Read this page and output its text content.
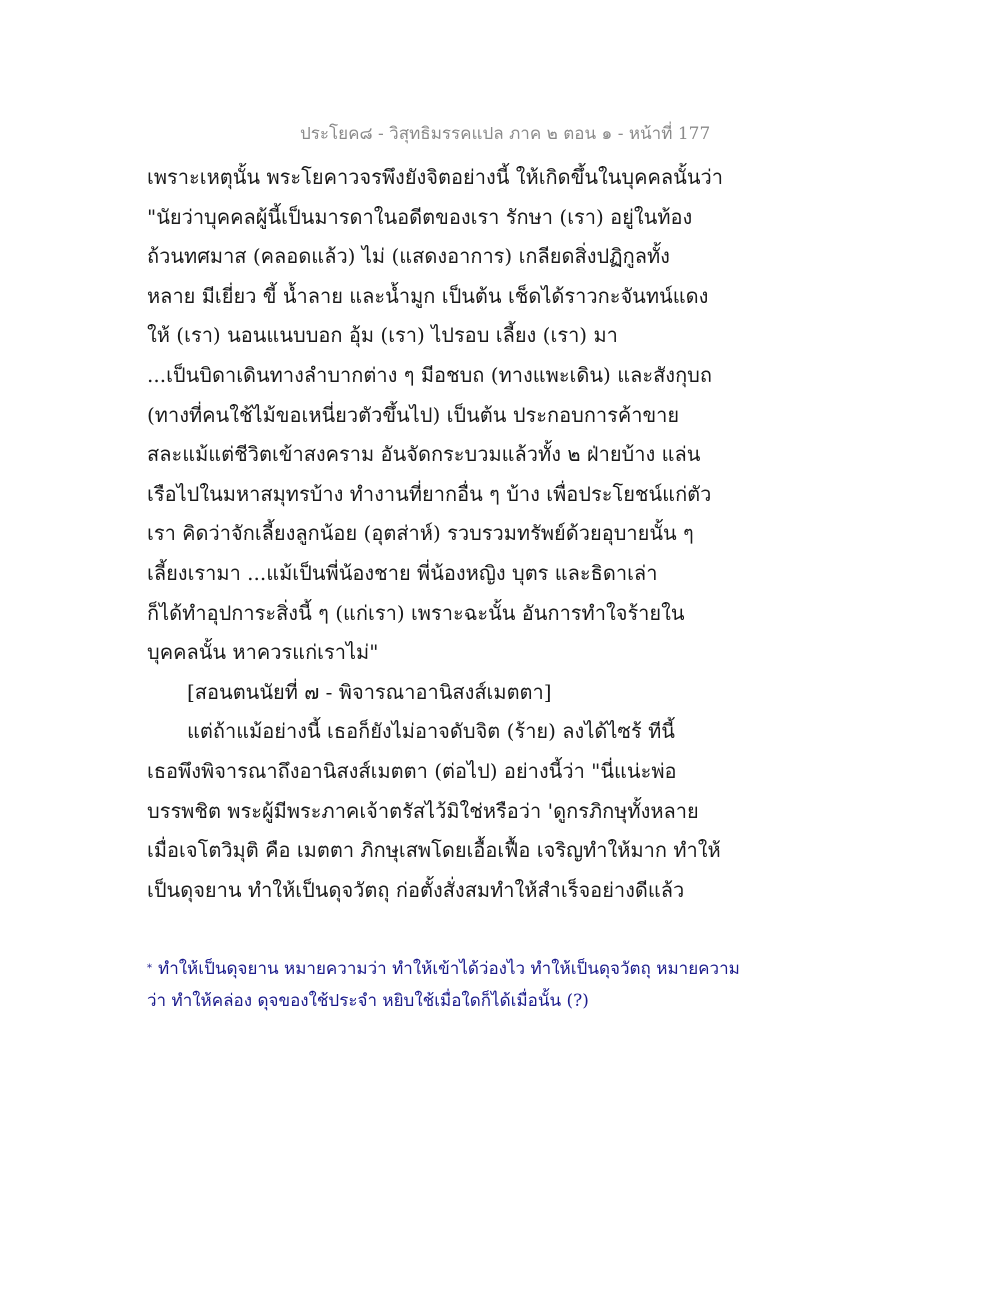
ประโยค๘ - วิสุทธิมรรคแปล ภาค ๒ ตอน ๑ - หน้าที่ 177
เพราะเหตุนั้น พระโยคาวจรพึงยังจิตอย่างนี้ ให้เกิดขึ้นในบุคคลนั้นว่า
"นัยว่าบุคคลผู้นี้เป็นมารดาในอดีตของเรา รักษา (เรา) อยู่ในท้อง
ถ้วนทศมาส (คลอดแล้ว) ไม่ (แสดงอาการ) เกลียดสิ่งปฏิกูลทั้ง
หลาย มีเยี่ยว ขี้ น้ำลาย และน้ำมูก เป็นต้น เช็ดได้ราวกะจันทน์แดง
ให้ (เรา) นอนแนบบอก อุ้ม (เรา) ไปรอบ เลี้ยง (เรา) มา
...เป็นบิดาเดินทางลำบากต่าง ๆ มีอชบถ (ทางแพะเดิน) และสังกุบถ
(ทางที่คนใช้ไม้ขอเหนี่ยวตัวขึ้นไป) เป็นต้น ประกอบการค้าขาย
สละแม้แต่ชีวิตเข้าสงคราม อันจัดกระบวมแล้วทั้ง ๒ ฝ่ายบ้าง แล่น
เรือไปในมหาสมุทรบ้าง ทำงานที่ยากอื่น ๆ บ้าง เพื่อประโยชน์แก่ตัว
เรา คิดว่าจักเลี้ยงลูกน้อย (อุตส่าห์) รวบรวมทรัพย์ด้วยอุบายนั้น ๆ
เลี้ยงเรามา ...แม้เป็นพี่น้องชาย พี่น้องหญิง บุตร และธิดาเล่า
ก็ได้ทำอุปการะสิ่งนี้ ๆ (แก่เรา) เพราะฉะนั้น อันการทำใจร้ายใน
บุคคลนั้น หาควรแก่เราไม่"
[สอนตนนัยที่ ๗ - พิจารณาอานิสงส์เมตตา]
แต่ถ้าแม้อย่างนี้ เธอก็ยังไม่อาจดับจิต (ร้าย) ลงได้ไซร้ ทีนี้
เธอพึงพิจารณาถึงอานิสงส์เมตตา (ต่อไป) อย่างนี้ว่า "นี่แน่ะพ่อ
บรรพชิต พระผู้มีพระภาคเจ้าตรัสไว้มิใช่หรือว่า 'ดูกรภิกษุทั้งหลาย
เมื่อเจโตวิมุติ คือ เมตตา ภิกษุเสพโดยเอื้อเฟื้อ เจริญทำให้มาก ทำให้
เป็นดุจยาน ทำให้เป็นดุจวัตถุ ก่อตั้งสั่งสมทำให้สำเร็จอย่างดีแล้ว
* ทำให้เป็นดุจยาน หมายความว่า ทำให้เข้าได้ว่องไว ทำให้เป็นดุจวัตถุ หมายความ
ว่า ทำให้คล่อง ดุจของใช้ประจำ หยิบใช้เมื่อใดก็ได้เมื่อนั้น (?)
